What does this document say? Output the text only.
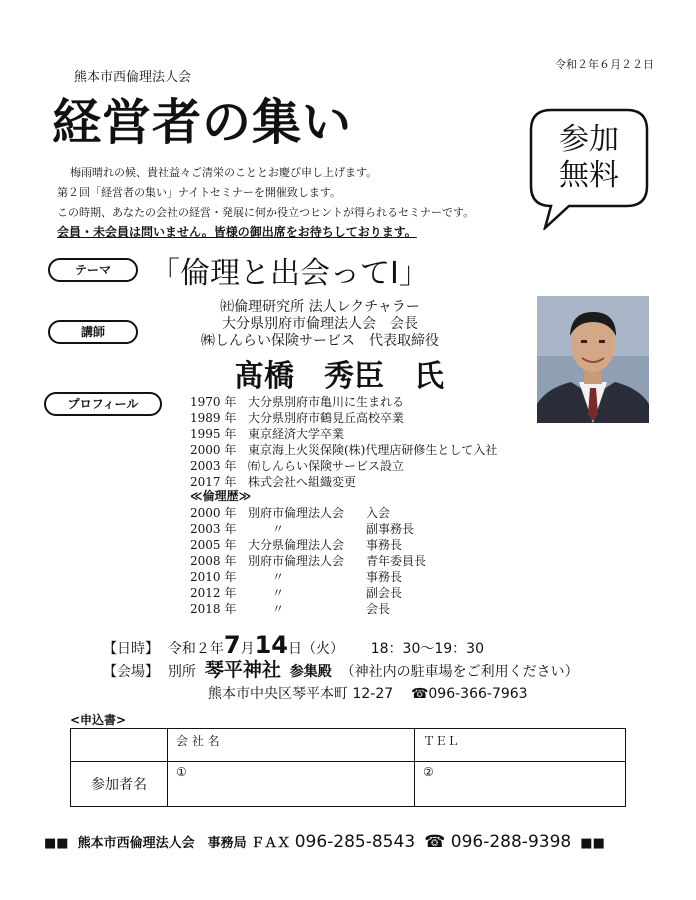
令和２年６月２２日
熊本市西倫理法人会
経営者の集い	参加
無料
梅雨晴れの候、貴社益々ご清栄のこととお慶び申し上げます。
第２回「経営者の集い」ナイトセミナーを開催致します。
この時期、あなたの会社の経営・発展に何か役立つヒントが得られるセミナーです。
会員・未会員は問いません。皆様の御出席をお待ちしております。
テーマ	「倫理と出会ってⅠ」
講師
㈳倫理研究所 法人レクチャラー
大分県別府市倫理法人会　会長
㈱しんらい保険サービス　代表取締役
髙橋　秀臣　氏
プロフィール	1970 年 大分県別府市亀川に生まれる
1989 年 大分県別府市鶴見丘高校卒業
1995 年 東京経済大学卒業
2000 年 東京海上火災保険(株)代理店研修生として入社
2003 年 ㈲しんらい保険サービス設立
2017 年 株式会社へ組織変更
≪倫理歴≫
2000 年 別府市倫理法人会 入会
2003 年 　　〃	副事務長
2005 年 大分県倫理法人会 事務長
2008 年 別府市倫理法人会 青年委員長
2010 年 　　〃	事務長
2012 年 　　〃	副会長
2018 年 　　〃	会長
【日時】 令和２年7月14日（火） 18：30～19：30
【会場】 別所 琴平神社 参集殿 （神社内の駐車場をご利用ください）
熊本市中央区琴平本町 12-27 ☎096-366-7963
<申込書>
	会 社 名	ＴＥＬ
参加者名	①	②
■■ 熊本市西倫理法人会　事務局 ＦＡＸ 096-285-8543 ☎ 096-288-9398 ■■
